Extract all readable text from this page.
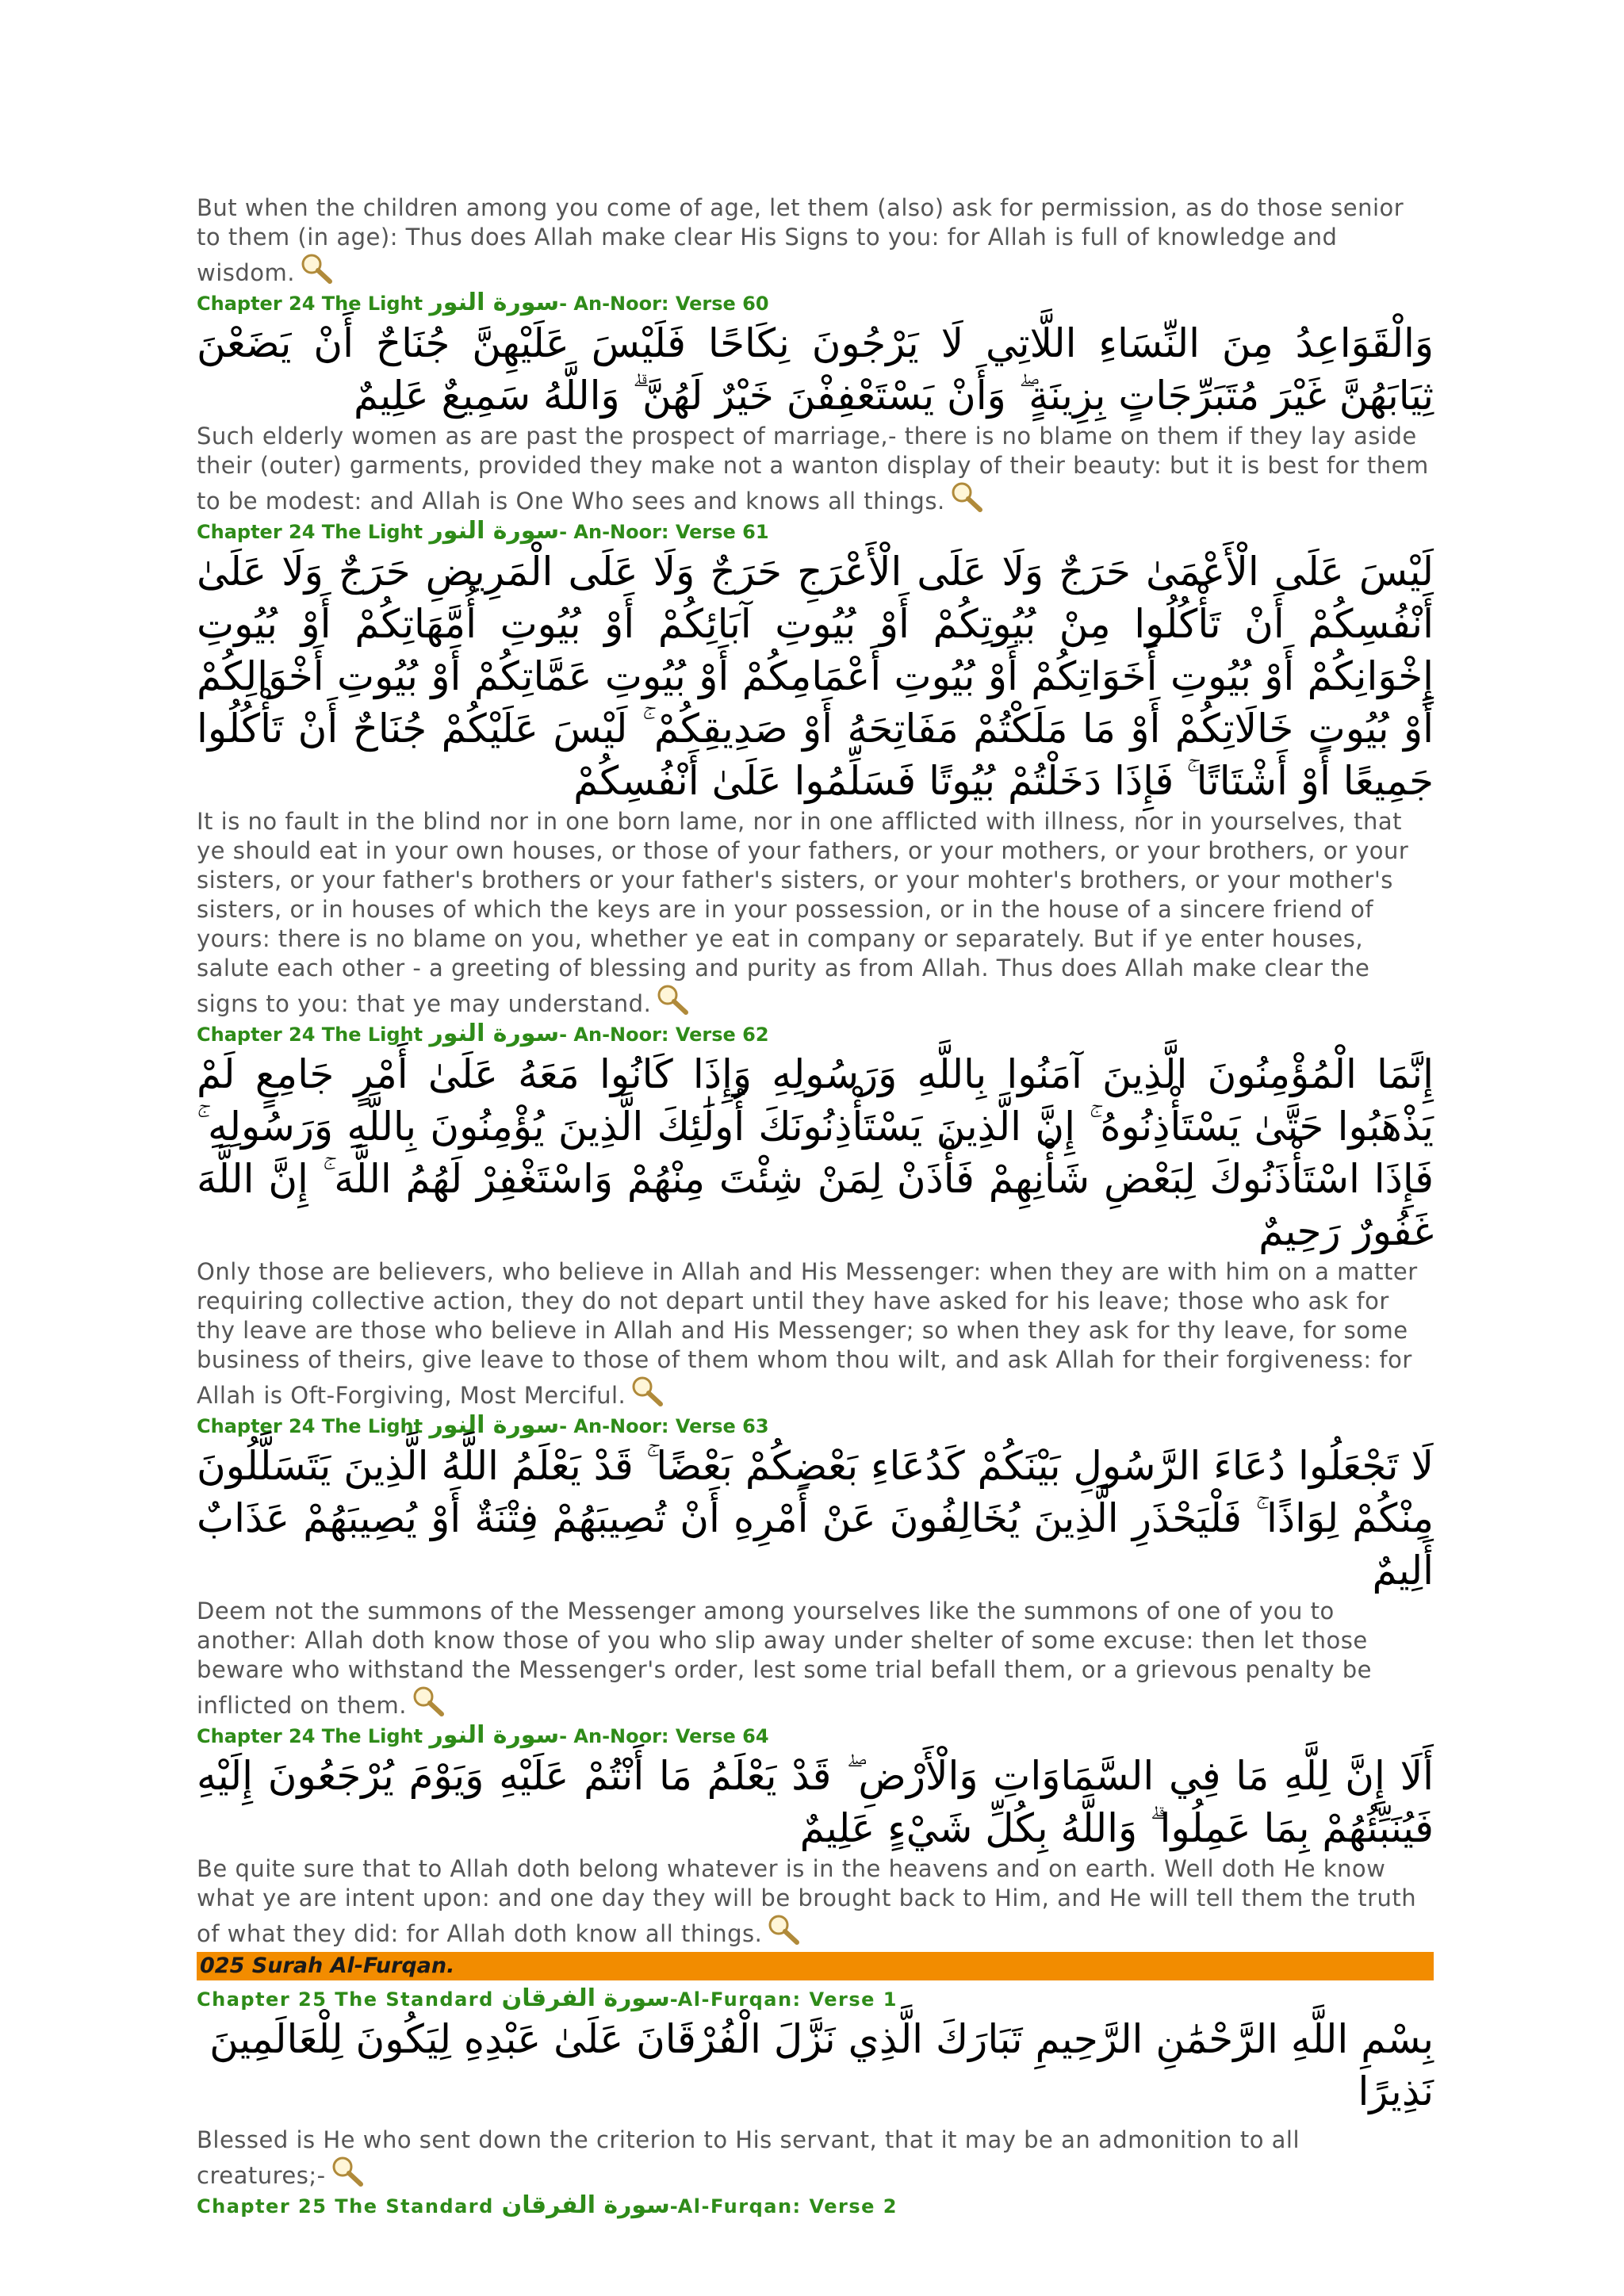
But when the children among you come of age, let them (also) ask for permission, as do those senior to them (in age): Thus does Allah make clear His Signs to you: for Allah is full of knowledge and wisdom.

Chapter 24 The Light سورة النور- An-Noor: Verse 60

وَالْقَوَاعِدُ مِنَ النِّسَاءِ اللَّاتِي لَا يَرْجُونَ نِكَاحًا فَلَيْسَ عَلَيْهِنَّ جُنَاحٌ أَنْ يَضَعْنَ ثِيَابَهُنَّ غَيْرَ مُتَبَرِّجَاتٍ بِزِينَةٍ ۖ وَأَنْ يَسْتَعْفِفْنَ خَيْرٌ لَهُنَّ ۗ وَاللَّهُ سَمِيعٌ عَلِيمٌ

Such elderly women as are past the prospect of marriage,- there is no blame on them if they lay aside their (outer) garments, provided they make not a wanton display of their beauty: but it is best for them to be modest: and Allah is One Who sees and knows all things.

Chapter 24 The Light سورة النور- An-Noor: Verse 61

لَيْسَ عَلَى الْأَعْمَىٰ حَرَجٌ وَلَا عَلَى الْأَعْرَجِ حَرَجٌ وَلَا عَلَى الْمَرِيضِ حَرَجٌ وَلَا عَلَىٰ أَنْفُسِكُمْ أَنْ تَأْكُلُوا مِنْ بُيُوتِكُمْ أَوْ بُيُوتِ آبَائِكُمْ أَوْ بُيُوتِ أُمَّهَاتِكُمْ أَوْ بُيُوتِ إِخْوَانِكُمْ أَوْ بُيُوتِ أَخَوَاتِكُمْ أَوْ بُيُوتِ أَعْمَامِكُمْ أَوْ بُيُوتِ عَمَّاتِكُمْ أَوْ بُيُوتِ أَخْوَالِكُمْ أَوْ بُيُوتِ خَالَاتِكُمْ أَوْ مَا مَلَكْتُمْ مَفَاتِحَهُ أَوْ صَدِيقِكُمْ ۚ لَيْسَ عَلَيْكُمْ جُنَاحٌ أَنْ تَأْكُلُوا جَمِيعًا أَوْ أَشْتَاتًا ۚ فَإِذَا دَخَلْتُمْ بُيُوتًا فَسَلِّمُوا عَلَىٰ أَنْفُسِكُمْ

It is no fault in the blind nor in one born lame, nor in one afflicted with illness, nor in yourselves, that ye should eat in your own houses, or those of your fathers, or your mothers, or your brothers, or your sisters, or your father's brothers or your father's sisters, or your mohter's brothers, or your mother's sisters, or in houses of which the keys are in your possession, or in the house of a sincere friend of yours: there is no blame on you, whether ye eat in company or separately. But if ye enter houses, salute each other - a greeting of blessing and purity as from Allah. Thus does Allah make clear the signs to you: that ye may understand.

Chapter 24 The Light سورة النور- An-Noor: Verse 62

إِنَّمَا الْمُؤْمِنُونَ الَّذِينَ آمَنُوا بِاللَّهِ وَرَسُولِهِ وَإِذَا كَانُوا مَعَهُ عَلَىٰ أَمْرٍ جَامِعٍ لَمْ يَذْهَبُوا حَتَّىٰ يَسْتَأْذِنُوهُ ۚ إِنَّ الَّذِينَ يَسْتَأْذِنُونَكَ أُولَٰئِكَ الَّذِينَ يُؤْمِنُونَ بِاللَّهِ وَرَسُولِهِ ۚ فَإِذَا اسْتَأْذَنُوكَ لِبَعْضِ شَأْنِهِمْ فَأْذَنْ لِمَنْ شِئْتَ مِنْهُمْ وَاسْتَغْفِرْ لَهُمُ اللَّهَ ۚ إِنَّ اللَّهَ غَفُورٌ رَحِيمٌ

Only those are believers, who believe in Allah and His Messenger: when they are with him on a matter requiring collective action, they do not depart until they have asked for his leave; those who ask for thy leave are those who believe in Allah and His Messenger; so when they ask for thy leave, for some business of theirs, give leave to those of them whom thou wilt, and ask Allah for their forgiveness: for Allah is Oft-Forgiving, Most Merciful.

Chapter 24 The Light سورة النور- An-Noor: Verse 63

لَا تَجْعَلُوا دُعَاءَ الرَّسُولِ بَيْنَكُمْ كَدُعَاءِ بَعْضِكُمْ بَعْضًا ۚ قَدْ يَعْلَمُ اللَّهُ الَّذِينَ يَتَسَلَّلُونَ مِنْكُمْ لِوَاذًا ۚ فَلْيَحْذَرِ الَّذِينَ يُخَالِفُونَ عَنْ أَمْرِهِ أَنْ تُصِيبَهُمْ فِتْنَةٌ أَوْ يُصِيبَهُمْ عَذَابٌ أَلِيمٌ

Deem not the summons of the Messenger among yourselves like the summons of one of you to another: Allah doth know those of you who slip away under shelter of some excuse: then let those beware who withstand the Messenger's order, lest some trial befall them, or a grievous penalty be inflicted on them.

Chapter 24 The Light سورة النور- An-Noor: Verse 64

أَلَا إِنَّ لِلَّهِ مَا فِي السَّمَاوَاتِ وَالْأَرْضِ ۖ قَدْ يَعْلَمُ مَا أَنْتُمْ عَلَيْهِ وَيَوْمَ يُرْجَعُونَ إِلَيْهِ فَيُنَبِّئُهُمْ بِمَا عَمِلُوا ۗ وَاللَّهُ بِكُلِّ شَيْءٍ عَلِيمٌ

Be quite sure that to Allah doth belong whatever is in the heavens and on earth. Well doth He know what ye are intent upon: and one day they will be brought back to Him, and He will tell them the truth of what they did: for Allah doth know all things.

025 Surah Al-Furqan.
Chapter 25 The Standard سورة الفرقان-Al-Furqan: Verse 1

بِسْمِ اللَّهِ الرَّحْمَٰنِ الرَّحِيمِ تَبَارَكَ الَّذِي نَزَّلَ الْفُرْقَانَ عَلَىٰ عَبْدِهِ لِيَكُونَ لِلْعَالَمِينَ نَذِيرًا

Blessed is He who sent down the criterion to His servant, that it may be an admonition to all creatures;-

Chapter 25 The Standard سورة الفرقان-Al-Furqan: Verse 2
